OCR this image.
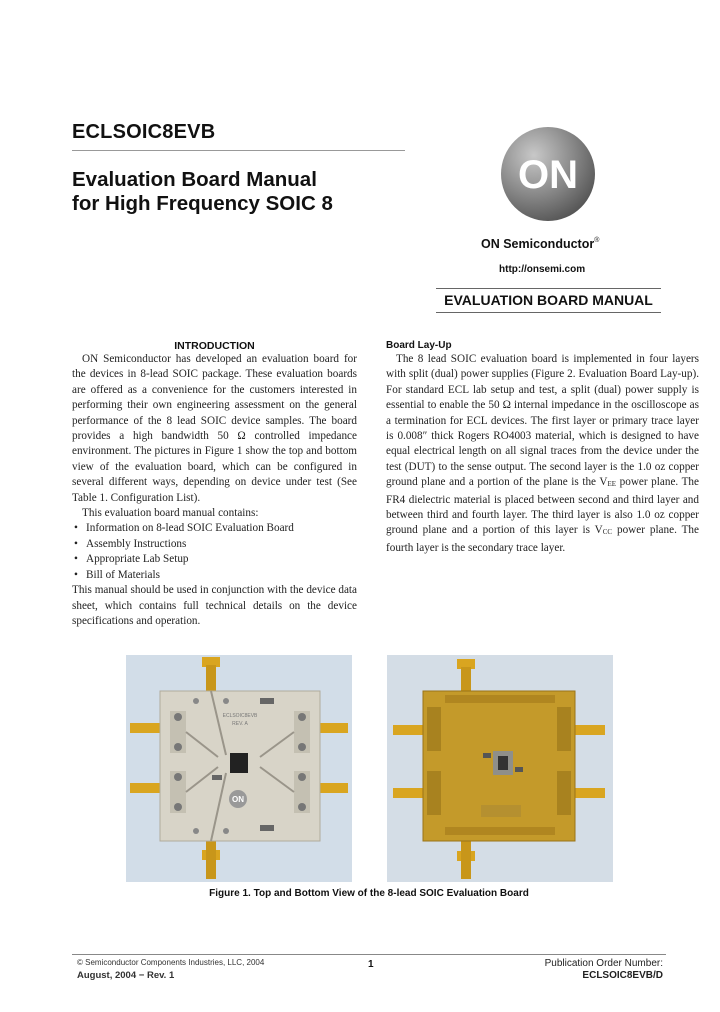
ECLSOIC8EVB
Evaluation Board Manual
for High Frequency SOIC 8
ON
ON Semiconductor®
http://onsemi.com
EVALUATION BOARD MANUAL
INTRODUCTION

ON Semiconductor has developed an evaluation board for the devices in 8-lead SOIC package. These evaluation boards are offered as a convenience for the customers interested in performing their own engineering assessment on the general performance of the 8 lead SOIC device samples. The board provides a high bandwidth 50 Ω controlled impedance environment. The pictures in Figure 1 show the top and bottom view of the evaluation board, which can be configured in several different ways, depending on device under test (See Table 1. Configuration List).

This evaluation board manual contains:

• Information on 8-lead SOIC Evaluation Board
• Assembly Instructions
• Appropriate Lab Setup
• Bill of Materials

This manual should be used in conjunction with the device data sheet, which contains full technical details on the device specifications and operation.

Board Lay-Up

The 8 lead SOIC evaluation board is implemented in four layers with split (dual) power supplies (Figure 2. Evaluation Board Lay-up). For standard ECL lab setup and test, a split (dual) power supply is essential to enable the 50 Ω internal impedance in the oscilloscope as a termination for ECL devices. The first layer or primary trace layer is 0.008″ thick Rogers RO4003 material, which is designed to have equal electrical length on all signal traces from the device under the test (DUT) to the sense output. The second layer is the 1.0 oz copper ground plane and a portion of the plane is the VEE power plane. The FR4 dielectric material is placed between second and third layer and between third and fourth layer. The third layer is also 1.0 oz copper ground plane and a portion of this layer is VCC power plane. The fourth layer is the secondary trace layer.

ON
ECLSOIC8EVB
REV. A
Figure 1. Top and Bottom View of the 8-lead SOIC Evaluation Board
© Semiconductor Components Industries, LLC, 2004	1
August, 2004 − Rev. 1
Publication Order Number:
ECLSOIC8EVB/D
